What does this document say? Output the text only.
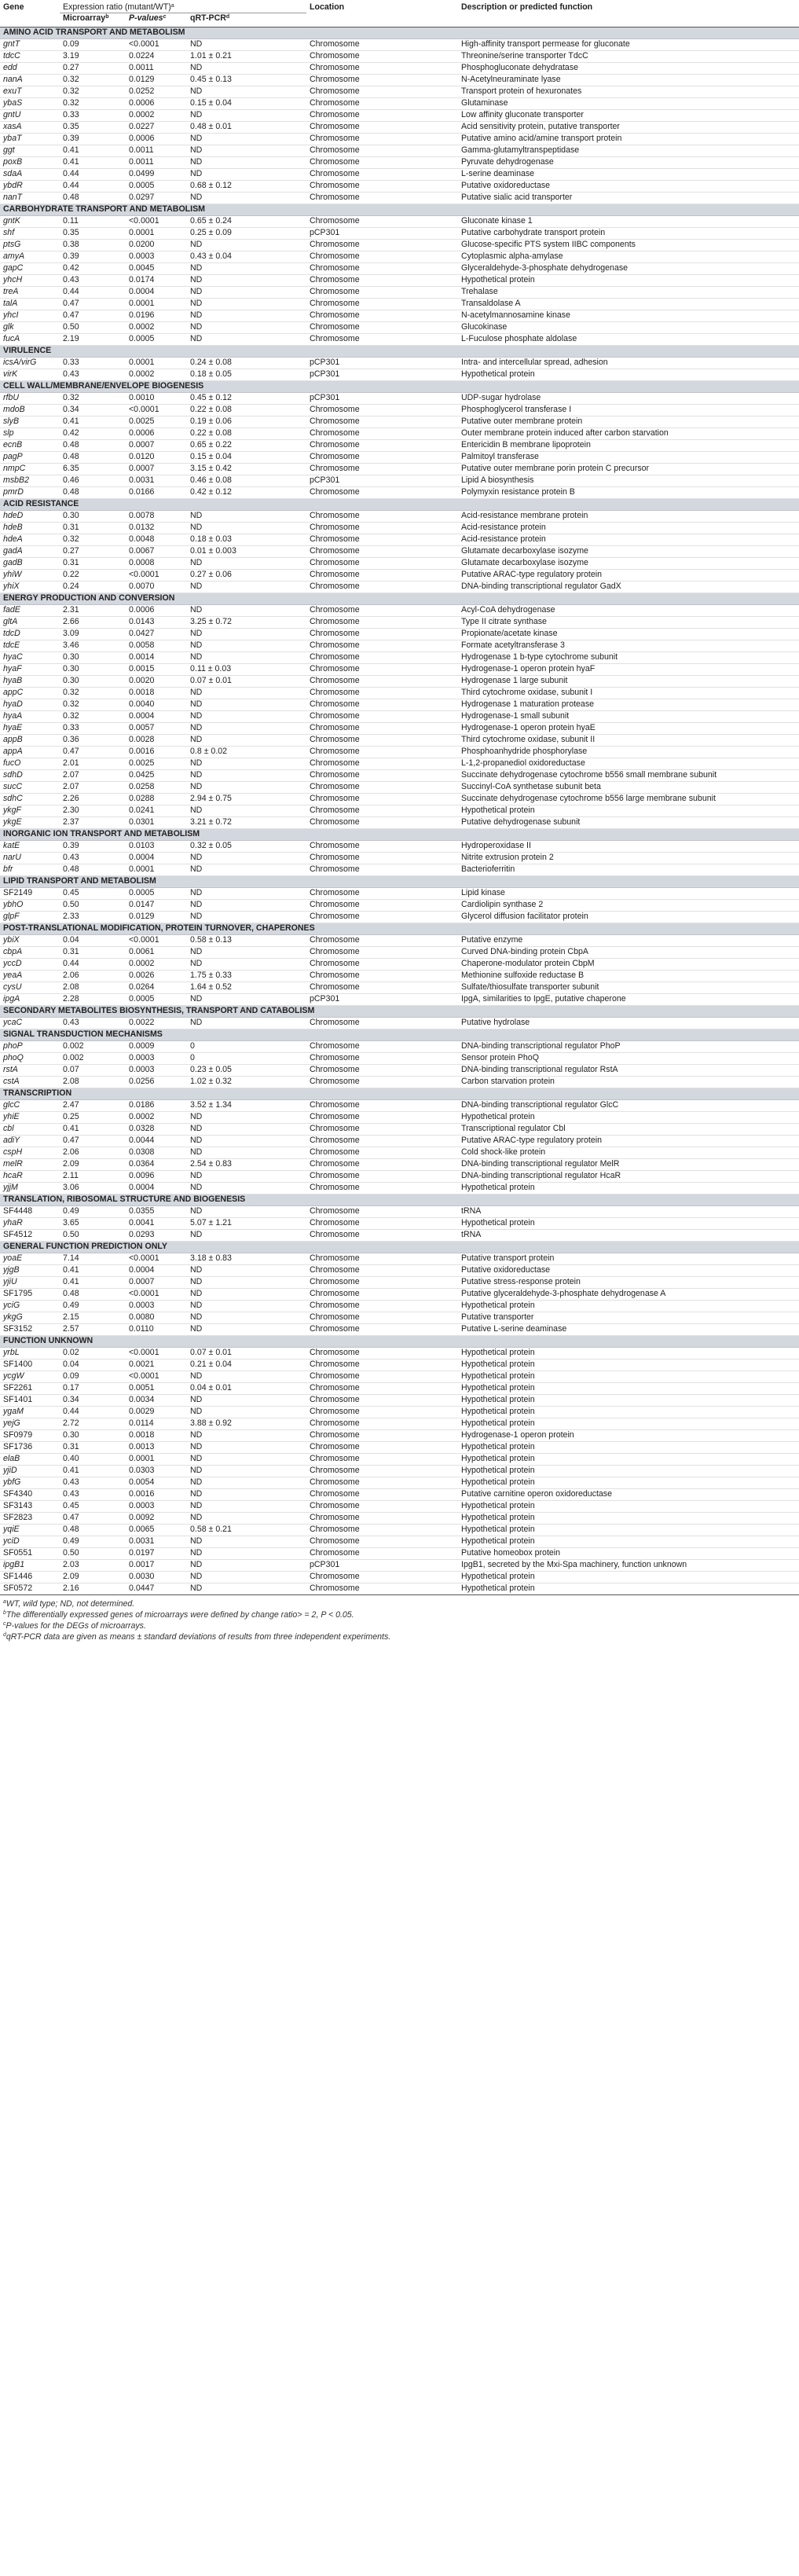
Gene	Expression ratio $(mutant/WT)^a$			Location	Description or predicted function
	Microarray$^b$	P-values$^c$	qRT-PCR$^d$		
AMINO ACID TRANSPORT AND METABOLISM					
gntT	0.09	<0.0001	ND	Chromosome	High-affinity transport permease for gluconate
tdcC	3.19	0.0224	1.01 ± 0.21	Chromosome	Threonine/serine transporter TdcC
edd	0.27	0.0011	ND	Chromosome	Phosphogluconate dehydratase
nanA	0.32	0.0129	0.45 ± 0.13	Chromosome	N-Acetylneuraminate lyase
exuT	0.32	0.0252	ND	Chromosome	Transport protein of hexuronates
ybaS	0.32	0.0006	0.15 ± 0.04	Chromosome	Glutaminase
gntU	0.33	0.0002	ND	Chromosome	Low affinity gluconate transporter
xasA	0.35	0.0227	0.48 ± 0.01	Chromosome	Acid sensitivity protein, putative transporter
ybaT	0.39	0.0006	ND	Chromosome	Putative amino acid/amine transport protein
ggt	0.41	0.0011	ND	Chromosome	Gamma-glutamyltranspeptidase
poxB	0.41	0.0011	ND	Chromosome	Pyruvate dehydrogenase
sdaA	0.44	0.0499	ND	Chromosome	L-serine deaminase
ybdR	0.44	0.0005	0.68 ± 0.12	Chromosome	Putative oxidoreductase
nanT	0.48	0.0297	ND	Chromosome	Putative sialic acid transporter
CARBOHYDRATE TRANSPORT AND METABOLISM					
gntK	0.11	<0.0001	0.65 ± 0.24	Chromosome	Gluconate kinase 1
shf	0.35	0.0001	0.25 ± 0.09	pCP301	Putative carbohydrate transport protein
ptsG	0.38	0.0200	ND	Chromosome	Glucose-specific PTS system IIBC components
amyA	0.39	0.0003	0.43 ± 0.04	Chromosome	Cytoplasmic alpha-amylase
gapC	0.42	0.0045	ND	Chromosome	Glyceraldehyde-3-phosphate dehydrogenase
yhcH	0.43	0.0174	ND	Chromosome	Hypothetical protein
treA	0.44	0.0004	ND	Chromosome	Trehalase
talA	0.47	0.0001	ND	Chromosome	Transaldolase A
yhcI	0.47	0.0196	ND	Chromosome	N-acetylmannosamine kinase
glk	0.50	0.0002	ND	Chromosome	Glucokinase
fucA	2.19	0.0005	ND	Chromosome	L-Fuculose phosphate aldolase
VIRULENCE					
icsA/virG	0.33	0.0001	0.24 ± 0.08	pCP301	Intra- and intercellular spread, adhesion
virK	0.43	0.0002	0.18 ± 0.05	pCP301	Hypothetical protein
CELL WALL/MEMBRANE/ENVELOPE BIOGENESIS					
rfbU	0.32	0.0010	0.45 ± 0.12	pCP301	UDP-sugar hydrolase
mdoB	0.34	<0.0001	0.22 ± 0.08	Chromosome	Phosphoglycerol transferase I
slyB	0.41	0.0025	0.19 ± 0.06	Chromosome	Putative outer membrane protein
slp	0.42	0.0006	0.22 ± 0.08	Chromosome	Outer membrane protein induced after carbon starvation
ecnB	0.48	0.0007	0.65 ± 0.22	Chromosome	Entericidin B membrane lipoprotein
pagP	0.48	0.0120	0.15 ± 0.04	Chromosome	Palmitoyl transferase
nmpC	6.35	0.0007	3.15 ± 0.42	Chromosome	Putative outer membrane porin protein C precursor
msbB2	0.46	0.0031	0.46 ± 0.08	pCP301	Lipid A biosynthesis
pmrD	0.48	0.0166	0.42 ± 0.12	Chromosome	Polymyxin resistance protein B
ACID RESISTANCE					
hdeD	0.30	0.0078	ND	Chromosome	Acid-resistance membrane protein
hdeB	0.31	0.0132	ND	Chromosome	Acid-resistance protein
hdeA	0.32	0.0048	0.18 ± 0.03	Chromosome	Acid-resistance protein
gadA	0.27	0.0067	0.01 ± 0.003	Chromosome	Glutamate decarboxylase isozyme
gadB	0.31	0.0008	ND	Chromosome	Glutamate decarboxylase isozyme
yhiW	0.22	<0.0001	0.27 ± 0.06	Chromosome	Putative ARAC-type regulatory protein
yhiX	0.24	0.0070	ND	Chromosome	DNA-binding transcriptional regulator GadX
ENERGY PRODUCTION AND CONVERSION					
fadE	2.31	0.0006	ND	Chromosome	Acyl-CoA dehydrogenase
gltA	2.66	0.0143	3.25 ± 0.72	Chromosome	Type II citrate synthase
tdcD	3.09	0.0427	ND	Chromosome	Propionate/acetate kinase
tdcE	3.46	0.0058	ND	Chromosome	Formate acetyltransferase 3
hyaC	0.30	0.0014	ND	Chromosome	Hydrogenase 1 b-type cytochrome subunit
hyaF	0.30	0.0015	0.11 ± 0.03	Chromosome	Hydrogenase-1 operon protein hyaF
hyaB	0.30	0.0020	0.07 ± 0.01	Chromosome	Hydrogenase 1 large subunit
appC	0.32	0.0018	ND	Chromosome	Third cytochrome oxidase, subunit I
hyaD	0.32	0.0040	ND	Chromosome	Hydrogenase 1 maturation protease
hyaA	0.32	0.0004	ND	Chromosome	Hydrogenase-1 small subunit
hyaE	0.33	0.0057	ND	Chromosome	Hydrogenase-1 operon protein hyaE
appB	0.36	0.0028	ND	Chromosome	Third cytochrome oxidase, subunit II
appA	0.47	0.0016	0.8 ± 0.02	Chromosome	Phosphoanhydride phosphorylase
fucO	2.01	0.0025	ND	Chromosome	L-1,2-propanediol oxidoreductase
sdhD	2.07	0.0425	ND	Chromosome	Succinate dehydrogenase cytochrome b556 small membrane subunit
sucC	2.07	0.0258	ND	Chromosome	Succinyl-CoA synthetase subunit beta
sdhC	2.26	0.0288	2.94 ± 0.75	Chromosome	Succinate dehydrogenase cytochrome b556 large membrane subunit
ykgF	2.30	0.0241	ND	Chromosome	Hypothetical protein
ykgE	2.37	0.0301	3.21 ± 0.72	Chromosome	Putative dehydrogenase subunit
INORGANIC ION TRANSPORT AND METABOLISM					
katE	0.39	0.0103	0.32 ± 0.05	Chromosome	Hydroperoxidase II
narU	0.43	0.0004	ND	Chromosome	Nitrite extrusion protein 2
bfr	0.48	0.0001	ND	Chromosome	Bacterioferritin
LIPID TRANSPORT AND METABOLISM					
SF2149	0.45	0.0005	ND	Chromosome	Lipid kinase
ybhO	0.50	0.0147	ND	Chromosome	Cardiolipin synthase 2
glpF	2.33	0.0129	ND	Chromosome	Glycerol diffusion facilitator protein
POST-TRANSLATIONAL MODIFICATION, PROTEIN TURNOVER, CHAPERONES					
ybiX	0.04	<0.0001	0.58 ± 0.13	Chromosome	Putative enzyme
cbpA	0.31	0.0061	ND	Chromosome	Curved DNA-binding protein CbpA
yccD	0.44	0.0002	ND	Chromosome	Chaperone-modulator protein CbpM
yeaA	2.06	0.0026	1.75 ± 0.33	Chromosome	Methionine sulfoxide reductase B
cysU	2.08	0.0264	1.64 ± 0.52	Chromosome	Sulfate/thiosulfate transporter subunit
ipgA	2.28	0.0005	ND	pCP301	IpgA, similarities to IpgE, putative chaperone
SECONDARY METABOLITES BIOSYNTHESIS, TRANSPORT AND CATABOLISM					
ycaC	0.43	0.0022	ND	Chromosome	Putative hydrolase
SIGNAL TRANSDUCTION MECHANISMS					
phoP	0.002	0.0009	0	Chromosome	DNA-binding transcriptional regulator PhoP
phoQ	0.002	0.0003	0	Chromosome	Sensor protein PhoQ
rstA	0.07	0.0003	0.23 ± 0.05	Chromosome	DNA-binding transcriptional regulator RstA
cstA	2.08	0.0256	1.02 ± 0.32	Chromosome	Carbon starvation protein
TRANSCRIPTION					
glcC	2.47	0.0186	3.52 ± 1.34	Chromosome	DNA-binding transcriptional regulator GlcC
yhiE	0.25	0.0002	ND	Chromosome	Hypothetical protein
cbl	0.41	0.0328	ND	Chromosome	Transcriptional regulator Cbl
adiY	0.47	0.0044	ND	Chromosome	Putative ARAC-type regulatory protein
cspH	2.06	0.0308	ND	Chromosome	Cold shock-like protein
melR	2.09	0.0364	2.54 ± 0.83	Chromosome	DNA-binding transcriptional regulator MelR
hcaR	2.11	0.0096	ND	Chromosome	DNA-binding transcriptional regulator HcaR
yjjM	3.06	0.0004	ND	Chromosome	Hypothetical protein
TRANSLATION, RIBOSOMAL STRUCTURE AND BIOGENESIS					
SF4448	0.49	0.0355	ND	Chromosome	tRNA
yhaR	3.65	0.0041	5.07 ± 1.21	Chromosome	Hypothetical protein
SF4512	0.50	0.0293	ND	Chromosome	tRNA
GENERAL FUNCTION PREDICTION ONLY					
yoaE	7.14	<0.0001	3.18 ± 0.83	Chromosome	Putative transport protein
yjgB	0.41	0.0004	ND	Chromosome	Putative oxidoreductase
yjiU	0.41	0.0007	ND	Chromosome	Putative stress-response protein
SF1795	0.48	<0.0001	ND	Chromosome	Putative glyceraldehyde-3-phosphate dehydrogenase A
yciG	0.49	0.0003	ND	Chromosome	Hypothetical protein
ykgG	2.15	0.0080	ND	Chromosome	Putative transporter
SF3152	2.57	0.0110	ND	Chromosome	Putative L-serine deaminase
FUNCTION UNKNOWN					
yrbL	0.02	<0.0001	0.07 ± 0.01	Chromosome	Hypothetical protein
SF1400	0.04	0.0021	0.21 ± 0.04	Chromosome	Hypothetical protein
ycgW	0.09	<0.0001	ND	Chromosome	Hypothetical protein
SF2261	0.17	0.0051	0.04 ± 0.01	Chromosome	Hypothetical protein
SF1401	0.34	0.0034	ND	Chromosome	Hypothetical protein
ygaM	0.44	0.0029	ND	Chromosome	Hypothetical protein
yejG	2.72	0.0114	3.88 ± 0.92	Chromosome	Hypothetical protein
SF0979	0.30	0.0018	ND	Chromosome	Hydrogenase-1 operon protein
SF1736	0.31	0.0013	ND	Chromosome	Hypothetical protein
elaB	0.40	0.0001	ND	Chromosome	Hypothetical protein
yjiD	0.41	0.0303	ND	Chromosome	Hypothetical protein
ybfG	0.43	0.0054	ND	Chromosome	Hypothetical protein
SF4340	0.43	0.0016	ND	Chromosome	Putative carnitine operon oxidoreductase
SF3143	0.45	0.0003	ND	Chromosome	Hypothetical protein
SF2823	0.47	0.0092	ND	Chromosome	Hypothetical protein
yqiE	0.48	0.0065	0.58 ± 0.21	Chromosome	Hypothetical protein
yciD	0.49	0.0031	ND	Chromosome	Hypothetical protein
SF0551	0.50	0.0197	ND	Chromosome	Putative homeobox protein
ipgB1	2.03	0.0017	ND	pCP301	IpgB1, secreted by the Mxi-Spa machinery, function unknown
SF1446	2.09	0.0030	ND	Chromosome	Hypothetical protein
SF0572	2.16	0.0447	ND	Chromosome	Hypothetical protein
$^a$WT, wild type; ND, not determined.
$^b$The differentially expressed genes of microarrays were defined by change ratio> = 2, P < 0.05.
$^c$P-values for the DEGs of microarrays.
$^d$qRT-PCR data are given as means ± standard deviations of results from three independent experiments.
